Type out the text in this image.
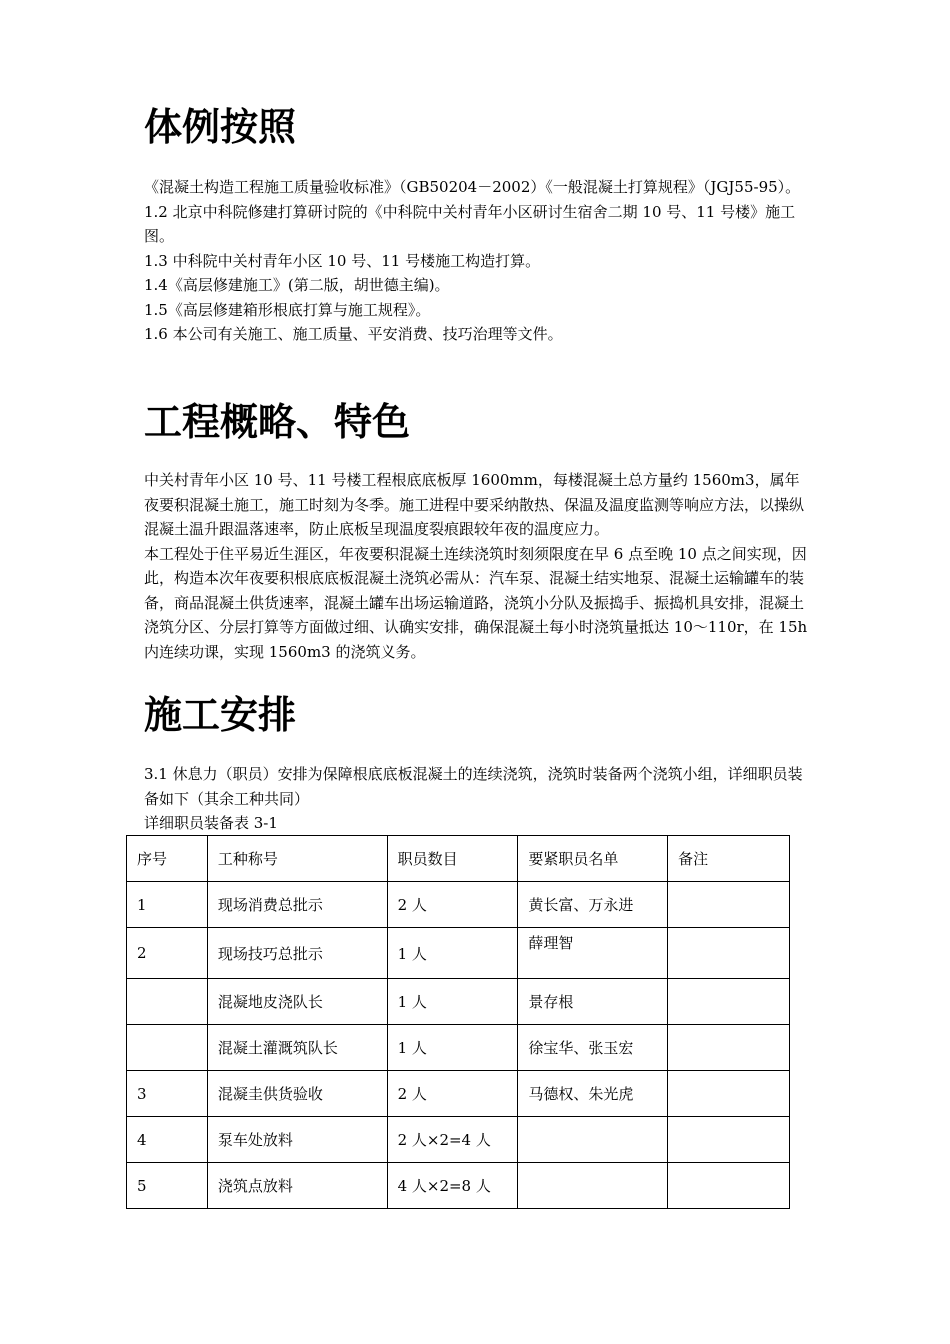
体例按照

《混凝土构造工程施工质量验收标准》（GB50204－2002）《一般混凝土打算规程》（JGJ55-95）。

1.2 北京中科院修建打算研讨院的《中科院中关村青年小区研讨生宿舍二期 10 号、11 号楼》施工图。

1.3 中科院中关村青年小区 10 号、11 号楼施工构造打算。

1.4《高层修建施工》(第二版，胡世德主编)。

1.5《高层修建箱形根底打算与施工规程》。

1.6 本公司有关施工、施工质量、平安消费、技巧治理等文件。

工程概略、特色

中关村青年小区 10 号、11 号楼工程根底底板厚 1600mm，每楼混凝土总方量约 1560m3，属年夜要积混凝土施工，施工时刻为冬季。施工进程中要采纳散热、保温及温度监测等响应方法，以操纵混凝土温升跟温落速率，防止底板呈现温度裂痕跟较年夜的温度应力。

本工程处于住平易近生涯区，年夜要积混凝土连续浇筑时刻须限度在早 6 点至晚 10 点之间实现，因此，构造本次年夜要积根底底板混凝土浇筑必需从：汽车泵、混凝土结实地泵、混凝土运输罐车的装备，商品混凝土供货速率，混凝土罐车出场运输道路，浇筑小分队及振捣手、振捣机具安排，混凝土浇筑分区、分层打算等方面做过细、认确实安排，确保混凝土每小时浇筑量抵达 10～110r，在 15h 内连续功课，实现 1560m3 的浇筑义务。

施工安排

3.1 休息力（职员）安排为保障根底底板混凝土的连续浇筑，浇筑时装备两个浇筑小组，详细职员装备如下（其余工种共同）

详细职员装备表 3-1

序号	工种称号	职员数目	要紧职员名单	备注
1	现场消费总批示	2 人	黄长富、万永进	
2	现场技巧总批示	1 人	薛理智	
	混凝地皮浇队长	1 人	景存根	
	混凝土灌溉筑队长	1 人	徐宝华、张玉宏	
3	混凝圭供货验收	2 人	马德权、朱光虎	
4	泵车处放料	2 人×2=4 人		
5	浇筑点放料	4 人×2=8 人		
